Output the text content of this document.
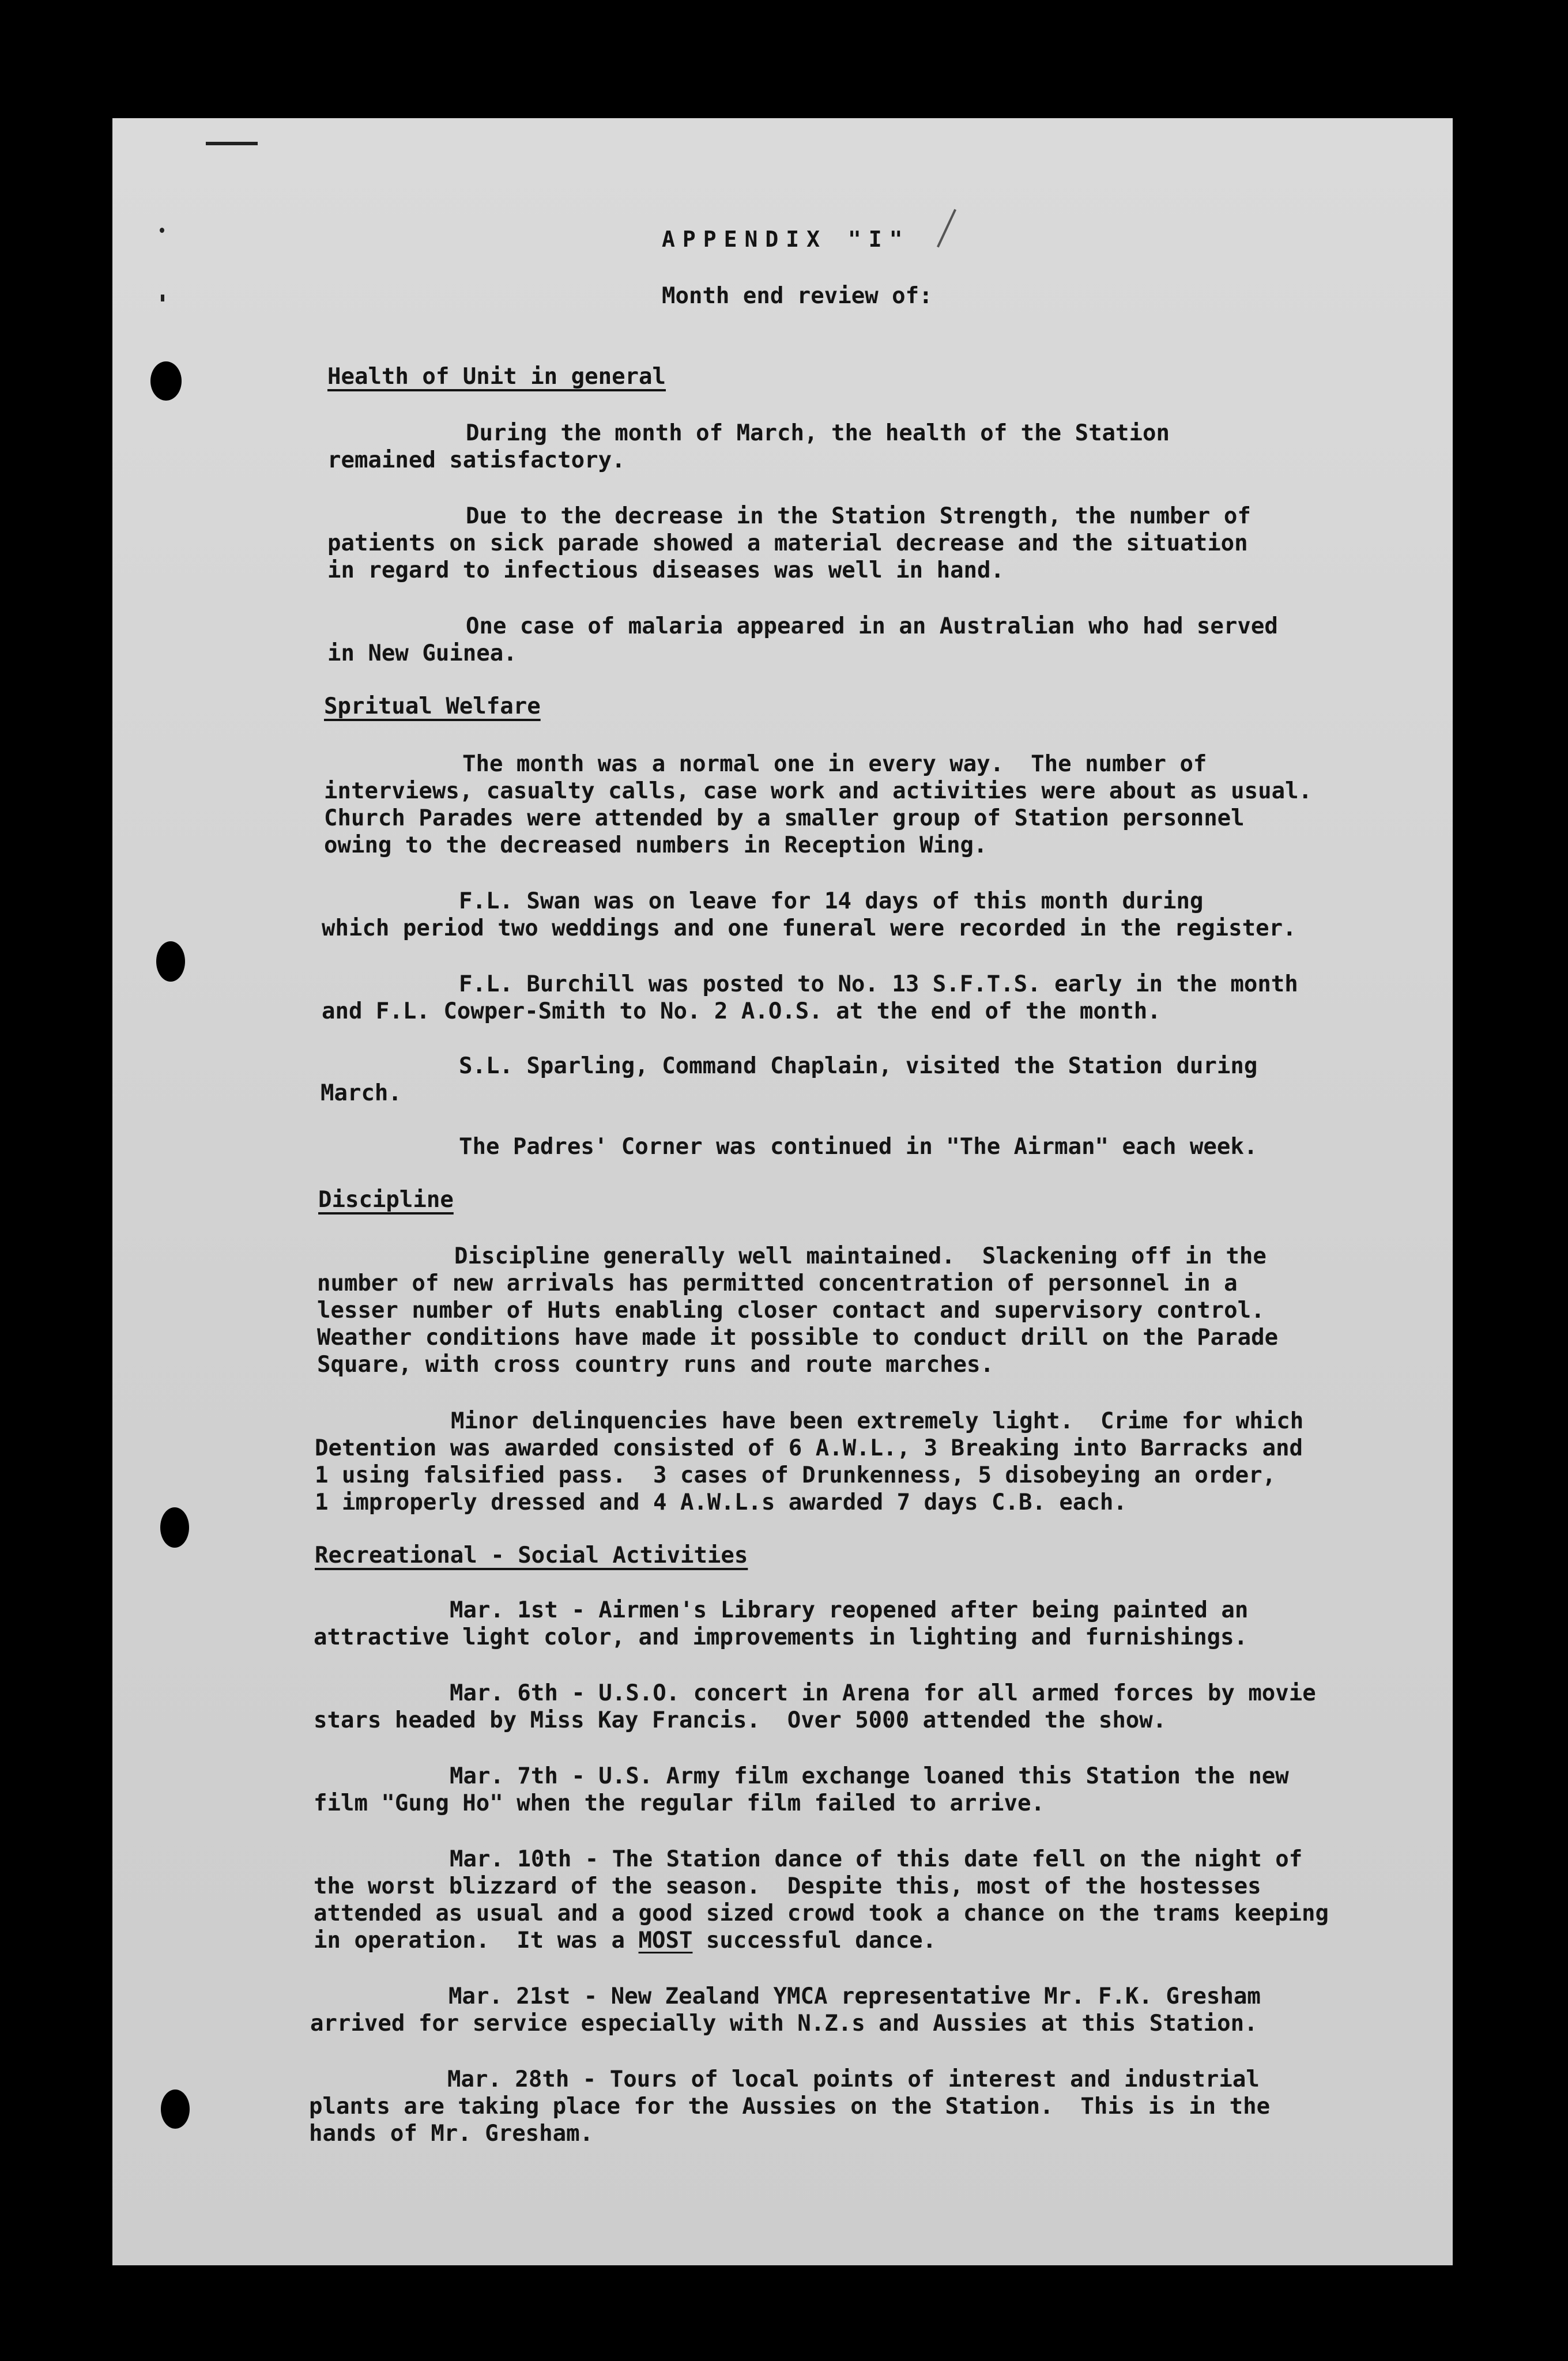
APPENDIX "I"
Month end review of:
Health of Unit in general
During the month of March, the health of the Station
remained satisfactory.
Due to the decrease in the Station Strength, the number of
patients on sick parade showed a material decrease and the situation
in regard to infectious diseases was well in hand.
One case of malaria appeared in an Australian who had served
in New Guinea.
Spritual Welfare
The month was a normal one in every way.  The number of
interviews, casualty calls, case work and activities were about as usual.
Church Parades were attended by a smaller group of Station personnel
owing to the decreased numbers in Reception Wing.
F.L. Swan was on leave for 14 days of this month during
which period two weddings and one funeral were recorded in the register.
F.L. Burchill was posted to No. 13 S.F.T.S. early in the month
and F.L. Cowper-Smith to No. 2 A.O.S. at the end of the month.
S.L. Sparling, Command Chaplain, visited the Station during
March.
The Padres' Corner was continued in "The Airman" each week.
Discipline
Discipline generally well maintained.  Slackening off in the
number of new arrivals has permitted concentration of personnel in a
lesser number of Huts enabling closer contact and supervisory control.
Weather conditions have made it possible to conduct drill on the Parade
Square, with cross country runs and route marches.
Minor delinquencies have been extremely light.  Crime for which
Detention was awarded consisted of 6 A.W.L., 3 Breaking into Barracks and
1 using falsified pass.  3 cases of Drunkenness, 5 disobeying an order,
1 improperly dressed and 4 A.W.L.s awarded 7 days C.B. each.
Recreational - Social Activities
Mar. 1st - Airmen's Library reopened after being painted an
attractive light color, and improvements in lighting and furnishings.
Mar. 6th - U.S.O. concert in Arena for all armed forces by movie
stars headed by Miss Kay Francis.  Over 5000 attended the show.
Mar. 7th - U.S. Army film exchange loaned this Station the new
film "Gung Ho" when the regular film failed to arrive.
Mar. 10th - The Station dance of this date fell on the night of
the worst blizzard of the season.  Despite this, most of the hostesses
attended as usual and a good sized crowd took a chance on the trams keeping
in operation.  It was a MOST successful dance.
Mar. 21st - New Zealand YMCA representative Mr. F.K. Gresham
arrived for service especially with N.Z.s and Aussies at this Station.
Mar. 28th - Tours of local points of interest and industrial
plants are taking place for the Aussies on the Station.  This is in the
hands of Mr. Gresham.
